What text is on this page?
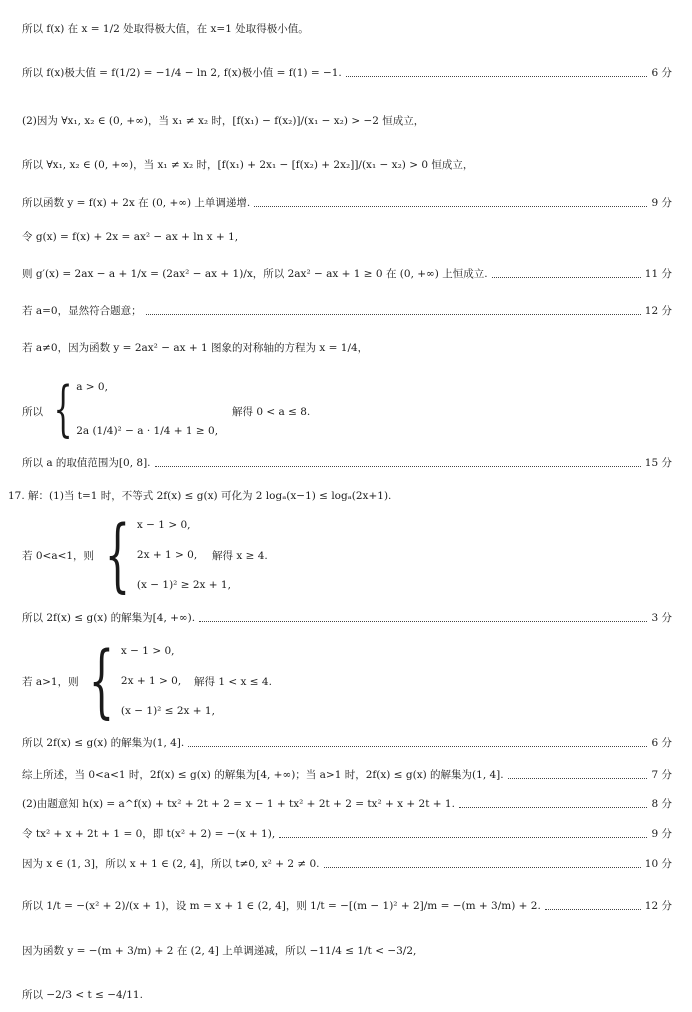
所以 f(x) 在 x = 1/2 处取得极大值，在 x=1 处取得极小值。
所以 f(x)极大值 = f(1/2) = −1/4 − ln 2, f(x)极小值 = f(1) = −1.	6 分
(2)因为 ∀x₁, x₂ ∈ (0, +∞)，当 x₁ ≠ x₂ 时，[f(x₁) − f(x₂)]/(x₁ − x₂) > −2 恒成立，
所以 ∀x₁, x₂ ∈ (0, +∞)，当 x₁ ≠ x₂ 时，[f(x₁) + 2x₁ − [f(x₂) + 2x₂]]/(x₁ − x₂) > 0 恒成立，
所以函数 y = f(x) + 2x 在 (0, +∞) 上单调递增.	9 分
令 g(x) = f(x) + 2x = ax² − ax + ln x + 1,
则 g′(x) = 2ax − a + 1/x = (2ax² − ax + 1)/x，所以 2ax² − ax + 1 ≥ 0 在 (0, +∞) 上恒成立.	11 分
若 a=0，显然符合题意；	12 分
若 a≠0，因为函数 y = 2ax² − ax + 1 图象的对称轴的方程为 x = 1/4，
所以 { a > 0,
2a (1/4)² − a · 1/4 + 1 ≥ 0,
解得 0 < a ≤ 8.
所以 a 的取值范围为[0, 8].	15 分
17. 解：(1)当 t=1 时，不等式 2f(x) ≤ g(x) 可化为 2 logₐ(x−1) ≤ logₐ(2x+1).
若 0<a<1，则 { x − 1 > 0,
2x + 1 > 0,
(x − 1)² ≥ 2x + 1,
解得 x ≥ 4.
所以 2f(x) ≤ g(x) 的解集为[4, +∞).	3 分
若 a>1，则 { x − 1 > 0,
2x + 1 > 0,
(x − 1)² ≤ 2x + 1,
解得 1 < x ≤ 4.
所以 2f(x) ≤ g(x) 的解集为(1, 4].	6 分
综上所述，当 0<a<1 时，2f(x) ≤ g(x) 的解集为[4, +∞)；当 a>1 时，2f(x) ≤ g(x) 的解集为(1, 4].	7 分
(2)由题意知 h(x) = a^f(x) + tx² + 2t + 2 = x − 1 + tx² + 2t + 2 = tx² + x + 2t + 1.	8 分
令 tx² + x + 2t + 1 = 0，即 t(x² + 2) = −(x + 1),	9 分
因为 x ∈ (1, 3]，所以 x + 1 ∈ (2, 4]，所以 t≠0, x² + 2 ≠ 0.	10 分
所以 1/t = −(x² + 2)/(x + 1)，设 m = x + 1 ∈ (2, 4]，则 1/t = −[(m − 1)² + 2]/m = −(m + 3/m) + 2.	12 分
因为函数 y = −(m + 3/m) + 2 在 (2, 4] 上单调递减，所以 −11/4 ≤ 1/t < −3/2,
所以 −2/3 < t ≤ −4/11.
